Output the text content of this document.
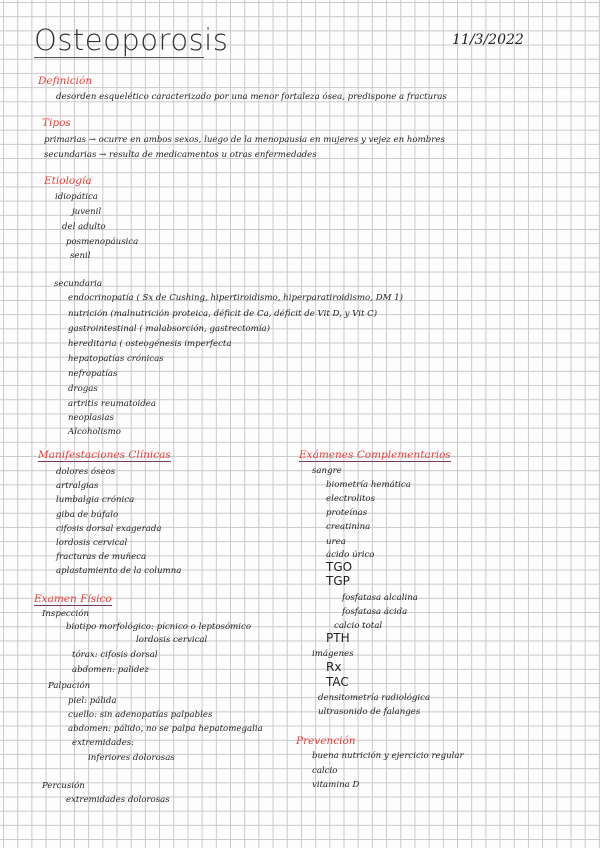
Osteoporosis	11/3/2022
Definición
desorden esquelético caracterizado por una menor fortaleza ósea, predispone a fracturas
Tipos
primarias → ocurre en ambos sexos, luego de la menopausia en mujeres y vejez en hombres
secundarias → resulta de medicamentos u otras enfermedades
Etiología
idiopática
juvenil
del adulto
posmenopáusica
senil
secundaria
endocrinopatía ( Sx de Cushing, hipertiroidismo, hiperparatiroidismo, DM 1)
nutrición (malnutrición proteica, déficit de Ca, déficit de Vit D, y Vit C)
gastrointestinal ( malabsorción, gastrectomía)
hereditaria ( osteogénesis imperfecta
hepatopatías crónicas
nefropatías
drogas
artritis reumatoidea
neoplasias
Alcoholismo
Manifestaciones Clínicas
dolores óseos
artralgias
lumbalgia crónica
giba de búfalo
cifosis dorsal exagerada
lordosis cervical
fracturas de muñeca
aplastamiento de la columna
Exámenes Complementarios
sangre
biometría hemática
electrolitos
proteínas
creatinina
urea
ácido úrico
TGO
TGP
fosfatasa alcalina
fosfatasa ácida
calcio total
PTH
imágenes
Rx
TAC
densitometría radiológica
ultrasonido de falanges
Examen Físico
Inspección
biotipo morfológico: pícnico o leptosómico
lordosis cervical
tórax: cifosis dorsal
abdomen: palidez
Palpación
piel: pálida
cuello: sin adenopatías palpables
abdomen: pálido, no se palpa hepatomegalia
extremidades:
inferiores dolorosas
Percusión
extremidades dolorosas
Prevención
buena nutrición y ejercicio regular
calcio
vitamina D
